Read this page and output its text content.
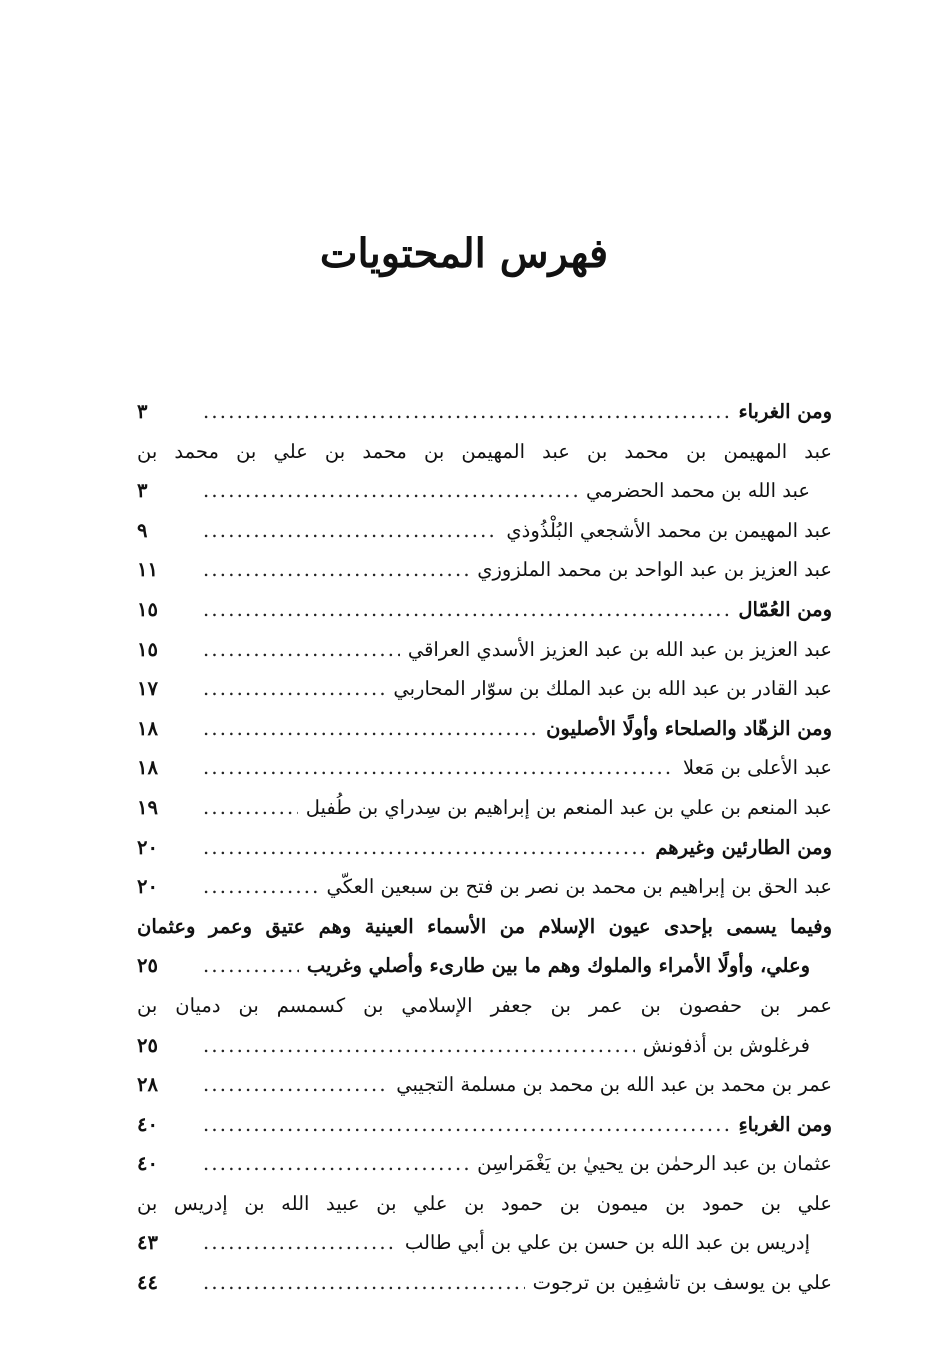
فهرس المحتويات
ومن الغرباء
.....
٣
عبد المهيمن بن محمد بن عبد المهيمن بن محمد بن علي بن محمد بن
عبد الله بن محمد الحضرمي
.....
٣
عبد المهيمن بن محمد الأشجعي البُلْذُوذي
.....
٩
عبد العزيز بن عبد الواحد بن محمد الملزوزي
.....
١١
ومن العُمّال
.....
١٥
عبد العزيز بن عبد الله بن عبد العزيز الأسدي العراقي
.....
١٥
عبد القادر بن عبد الله بن عبد الملك بن سوّار المحاربي
.....
١٧
ومن الزهّاد والصلحاء وأولًا الأصليون
.....
١٨
عبد الأعلى بن مَعلا
.....
١٨
عبد المنعم بن علي بن عبد المنعم بن إبراهيم بن سِدراي بن طُفيل
.....
١٩
ومن الطارئين وغيرهم
.....
٢٠
عبد الحق بن إبراهيم بن محمد بن نصر بن فتح بن سبعين العكّي
.....
٢٠
وفيما يسمى بإحدى عيون الإسلام من الأسماء العينية وهم عتيق وعمر وعثمان
وعلي، وأولًا الأمراء والملوك وهم ما بين طارىء وأصلي وغريب
.....
٢٥
عمر بن حفصون بن عمر بن جعفر الإسلامي بن كسمسم بن دميان بن
فرغلوش بن أذفونش
.....
٢٥
عمر بن محمد بن عبد الله بن محمد بن مسلمة التجيبي
.....
٢٨
ومن الغرباءِ
.....
٤٠
عثمان بن عبد الرحمٰن بن يحييٰ بن يَغْمَراسِن
.....
٤٠
علي بن حمود بن ميمون بن حمود بن علي بن عبيد الله بن إدريس بن
إدريس بن عبد الله بن حسن بن علي بن أبي طالب
.....
٤٣
علي بن يوسف بن تاشفِين بن ترجوت
.....
٤٤
